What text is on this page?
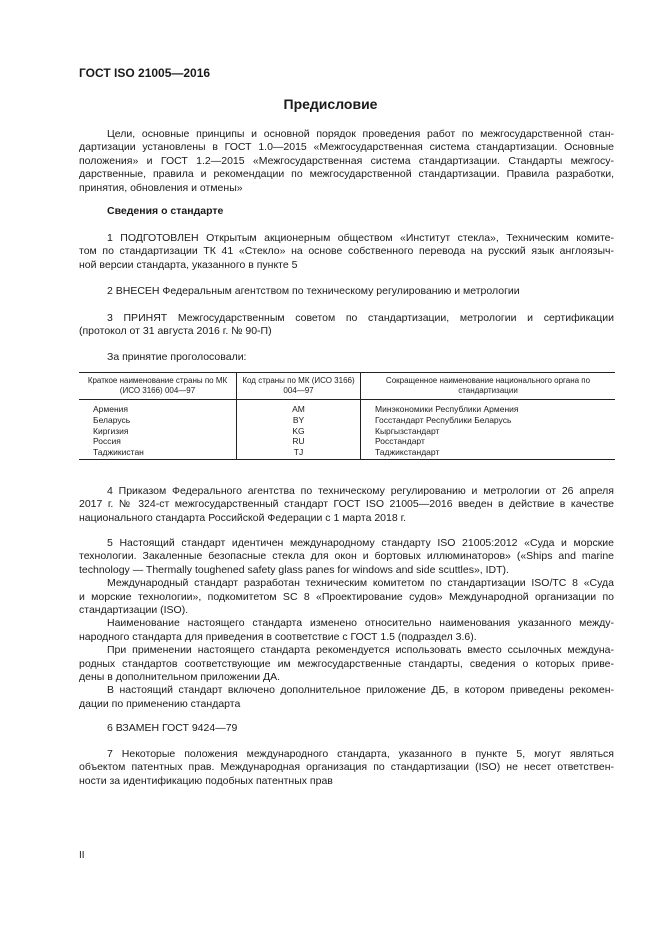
ГОСТ ISO 21005—2016
Предисловие
Цели, основные принципы и основной порядок проведения работ по межгосударственной стан-
дартизации установлены в ГОСТ 1.0—2015 «Межгосударственная система стандартизации. Основные
положения» и ГОСТ 1.2—2015 «Межгосударственная система стандартизации. Стандарты межгосу-
дарственные, правила и рекомендации по межгосударственной стандартизации. Правила разработки,
принятия, обновления и отмены»
Сведения о стандарте
1 ПОДГОТОВЛЕН Открытым акционерным обществом «Институт стекла», Техническим комите-
том по стандартизации ТК 41 «Стекло» на основе собственного перевода на русский язык англоязыч-
ной версии стандарта, указанного в пункте 5
2 ВНЕСЕН Федеральным агентством по техническому регулированию и метрологии
3 ПРИНЯТ Межгосударственным советом по стандартизации, метрологии и сертификации
(протокол от 31 августа 2016 г. № 90-П)
За принятие проголосовали:
Краткое наименование страны по МК (ИСО 3166) 004—97	Код страны по МК (ИСО 3166) 004—97	Сокращенное наименование национального органа по стандартизации
Армения	AM	Минэкономики Республики Армения
Беларусь	BY	Госстандарт Республики Беларусь
Киргизия	KG	Кыргызстандарт
Россия	RU	Росстандарт
Таджикистан	TJ	Таджикстандарт
4 Приказом Федерального агентства по техническому регулированию и метрологии от 26 апреля
2017 г. № 324-ст межгосударственный стандарт ГОСТ ISO 21005—2016 введен в действие в качестве
национального стандарта Российской Федерации с 1 марта 2018 г.
5 Настоящий стандарт идентичен международному стандарту ISO 21005:2012 «Суда и морские
технологии. Закаленные безопасные стекла для окон и бортовых иллюминаторов» («Ships and marine
technology — Thermally toughened safety glass panes for windows and side scuttles», IDT).
Международный стандарт разработан техническим комитетом по стандартизации ISO/TC 8 «Суда
и морские технологии», подкомитетом SC 8 «Проектирование судов» Международной организации по
стандартизации (ISO).
Наименование настоящего стандарта изменено относительно наименования указанного между-
народного стандарта для приведения в соответствие с ГОСТ 1.5 (подраздел 3.6).
При применении настоящего стандарта рекомендуется использовать вместо ссылочных междуна-
родных стандартов соответствующие им межгосударственные стандарты, сведения о которых приве-
дены в дополнительном приложении ДА.
В настоящий стандарт включено дополнительное приложение ДБ, в котором приведены рекомен-
дации по применению стандарта
6 ВЗАМЕН ГОСТ 9424—79
7 Некоторые положения международного стандарта, указанного в пункте 5, могут являться
объектом патентных прав. Международная организация по стандартизации (ISO) не несет ответствен-
ности за идентификацию подобных патентных прав
II
